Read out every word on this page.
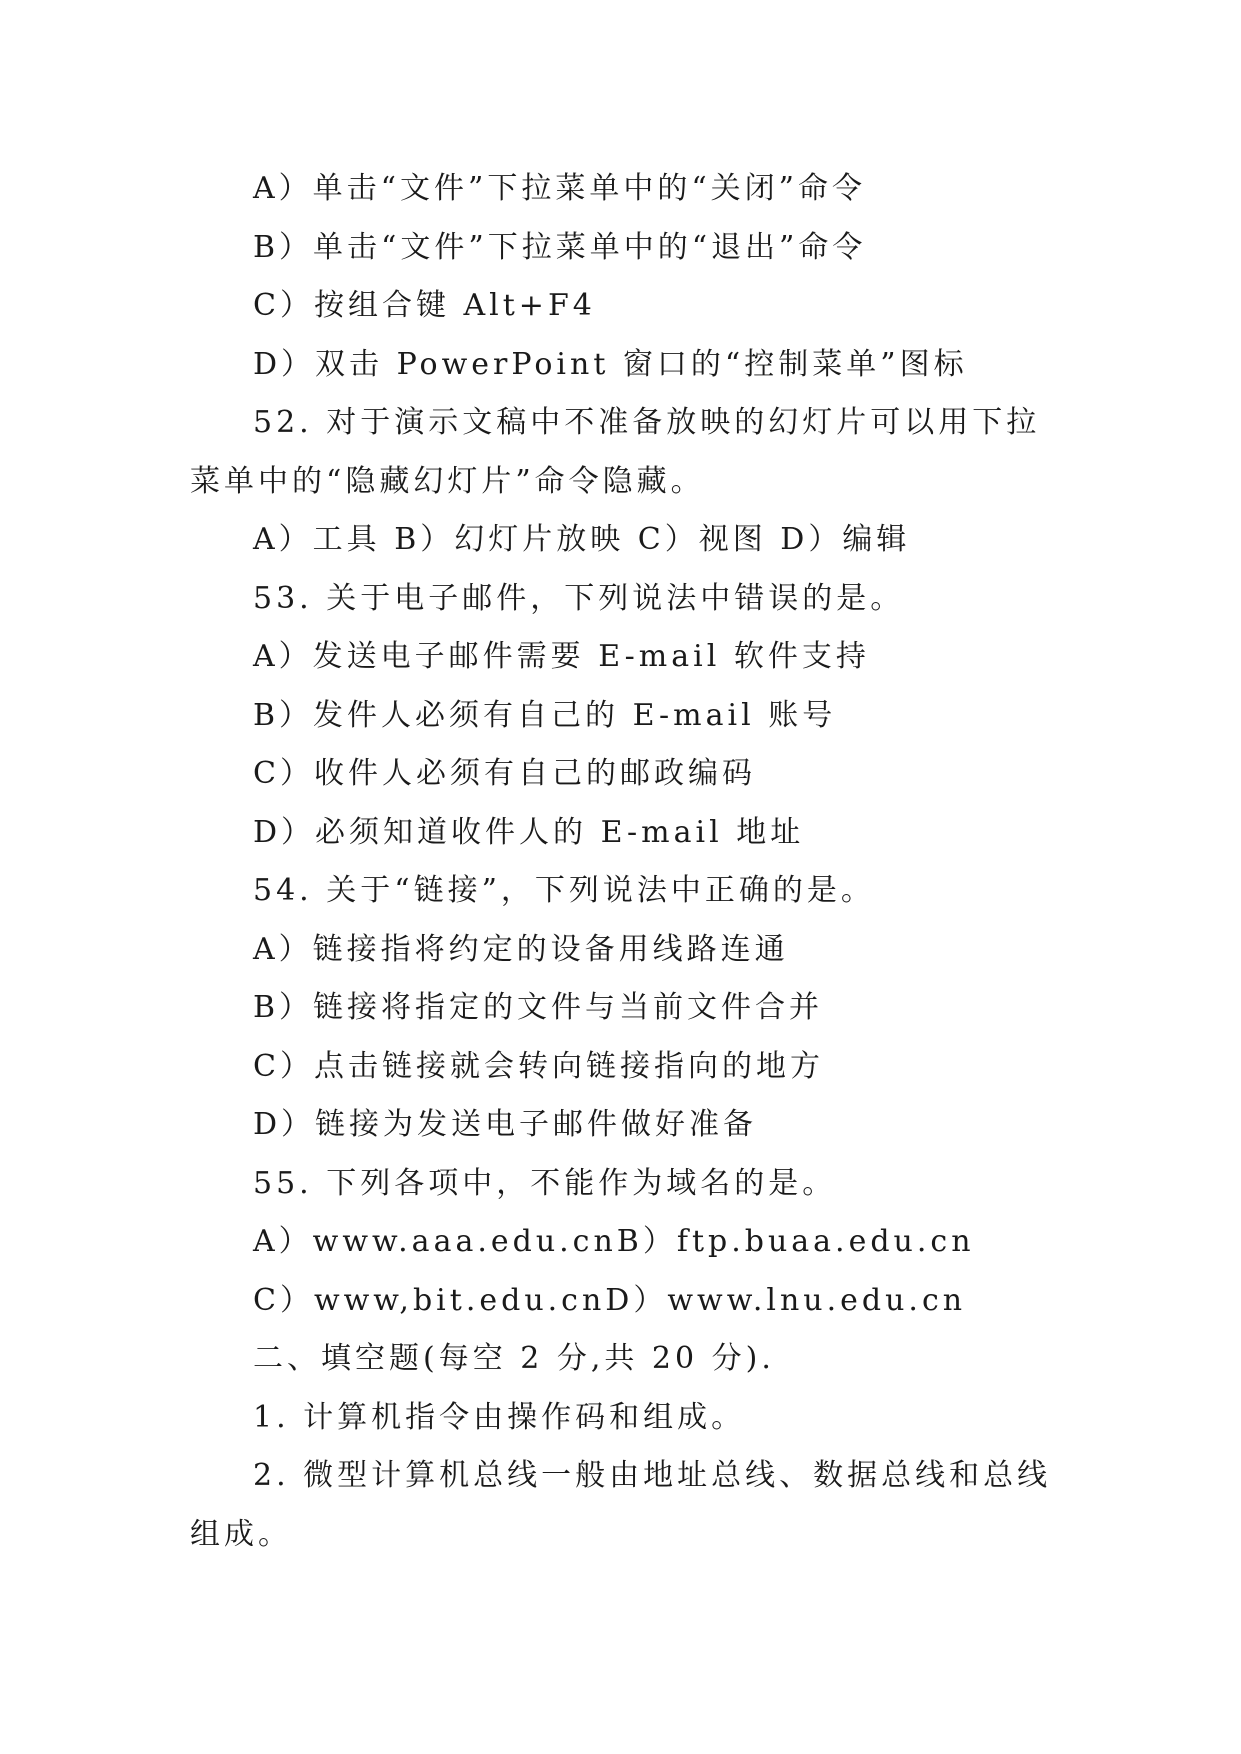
A）单击“文件”下拉菜单中的“关闭”命令

B）单击“文件”下拉菜单中的“退出”命令

C）按组合键 Alt+F4

D）双击 PowerPoint 窗口的“控制菜单”图标

52. 对于演示文稿中不准备放映的幻灯片可以用下拉菜单中的“隐藏幻灯片”命令隐藏。

A）工具 B）幻灯片放映 C）视图 D）编辑

53. 关于电子邮件，下列说法中错误的是。

A）发送电子邮件需要 E-mail 软件支持

B）发件人必须有自己的 E-mail 账号

C）收件人必须有自己的邮政编码

D）必须知道收件人的 E-mail 地址

54. 关于“链接”，下列说法中正确的是。

A）链接指将约定的设备用线路连通

B）链接将指定的文件与当前文件合并

C）点击链接就会转向链接指向的地方

D）链接为发送电子邮件做好准备

55. 下列各项中，不能作为域名的是。

A）www.aaa.edu.cnB）ftp.buaa.edu.cn

C）www,bit.edu.cnD）www.lnu.edu.cn

二、填空题(每空 2 分,共 20 分).

1. 计算机指令由操作码和组成。

2. 微型计算机总线一般由地址总线、数据总线和总线组成。
